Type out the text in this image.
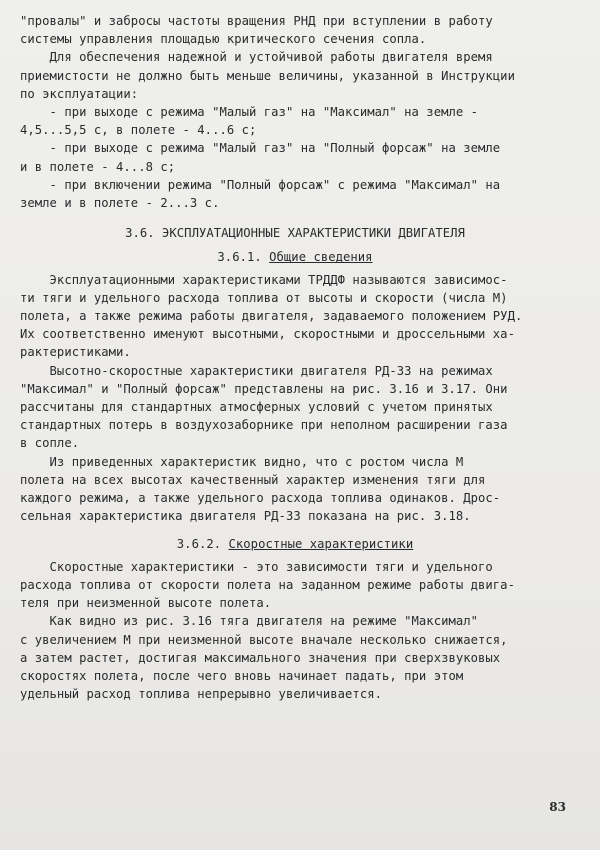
"провалы" и забросы частоты вращения РНД при вступлении в работу
системы управления площадью критического сечения сопла.
Для обеспечения надежной и устойчивой работы двигателя время
приемистости не должно быть меньше величины, указанной в Инструкции
по эксплуатации:
- при выходе с режима "Малый газ" на "Максимал" на земле -
4,5...5,5 с, в полете - 4...6 с;
- при выходе с режима "Малый газ" на "Полный форсаж" на земле
и в полете - 4...8 с;
- при включении режима "Полный форсаж" с режима "Максимал" на
земле и в полете - 2...3 с.
3.6. ЭКСПЛУАТАЦИОННЫЕ ХАРАКТЕРИСТИКИ ДВИГАТЕЛЯ
3.6.1. Общие сведения
Эксплуатационными характеристиками ТРДДФ называются зависимос-
ти тяги и удельного расхода топлива от высоты и скорости (числа М)
полета, а также режима работы двигателя, задаваемого положением РУД.
Их соответственно именуют высотными, скоростными и дроссельными ха-
рактеристиками.
Высотно-скоростные характеристики двигателя РД-33 на режимах
"Максимал" и "Полный форсаж" представлены на рис. 3.16 и 3.17. Они
рассчитаны для стандартных атмосферных условий с учетом принятых
стандартных потерь в воздухозаборнике при неполном расширении газа
в сопле.
Из приведенных характеристик видно, что с ростом числа М
полета на всех высотах качественный характер изменения тяги для
каждого режима, а также удельного расхода топлива одинаков. Дрос-
сельная характеристика двигателя РД-33 показана на рис. 3.18.
3.6.2. Скоростные характеристики
Скоростные характеристики - это зависимости тяги и удельного
расхода топлива от скорости полета на заданном режиме работы двига-
теля при неизменной высоте полета.
Как видно из рис. 3.16 тяга двигателя на режиме "Максимал"
с увеличением М при неизменной высоте вначале несколько снижается,
а затем растет, достигая максимального значения при сверхзвуковых
скоростях полета, после чего вновь начинает падать, при этом
удельный расход топлива непрерывно увеличивается.
83
